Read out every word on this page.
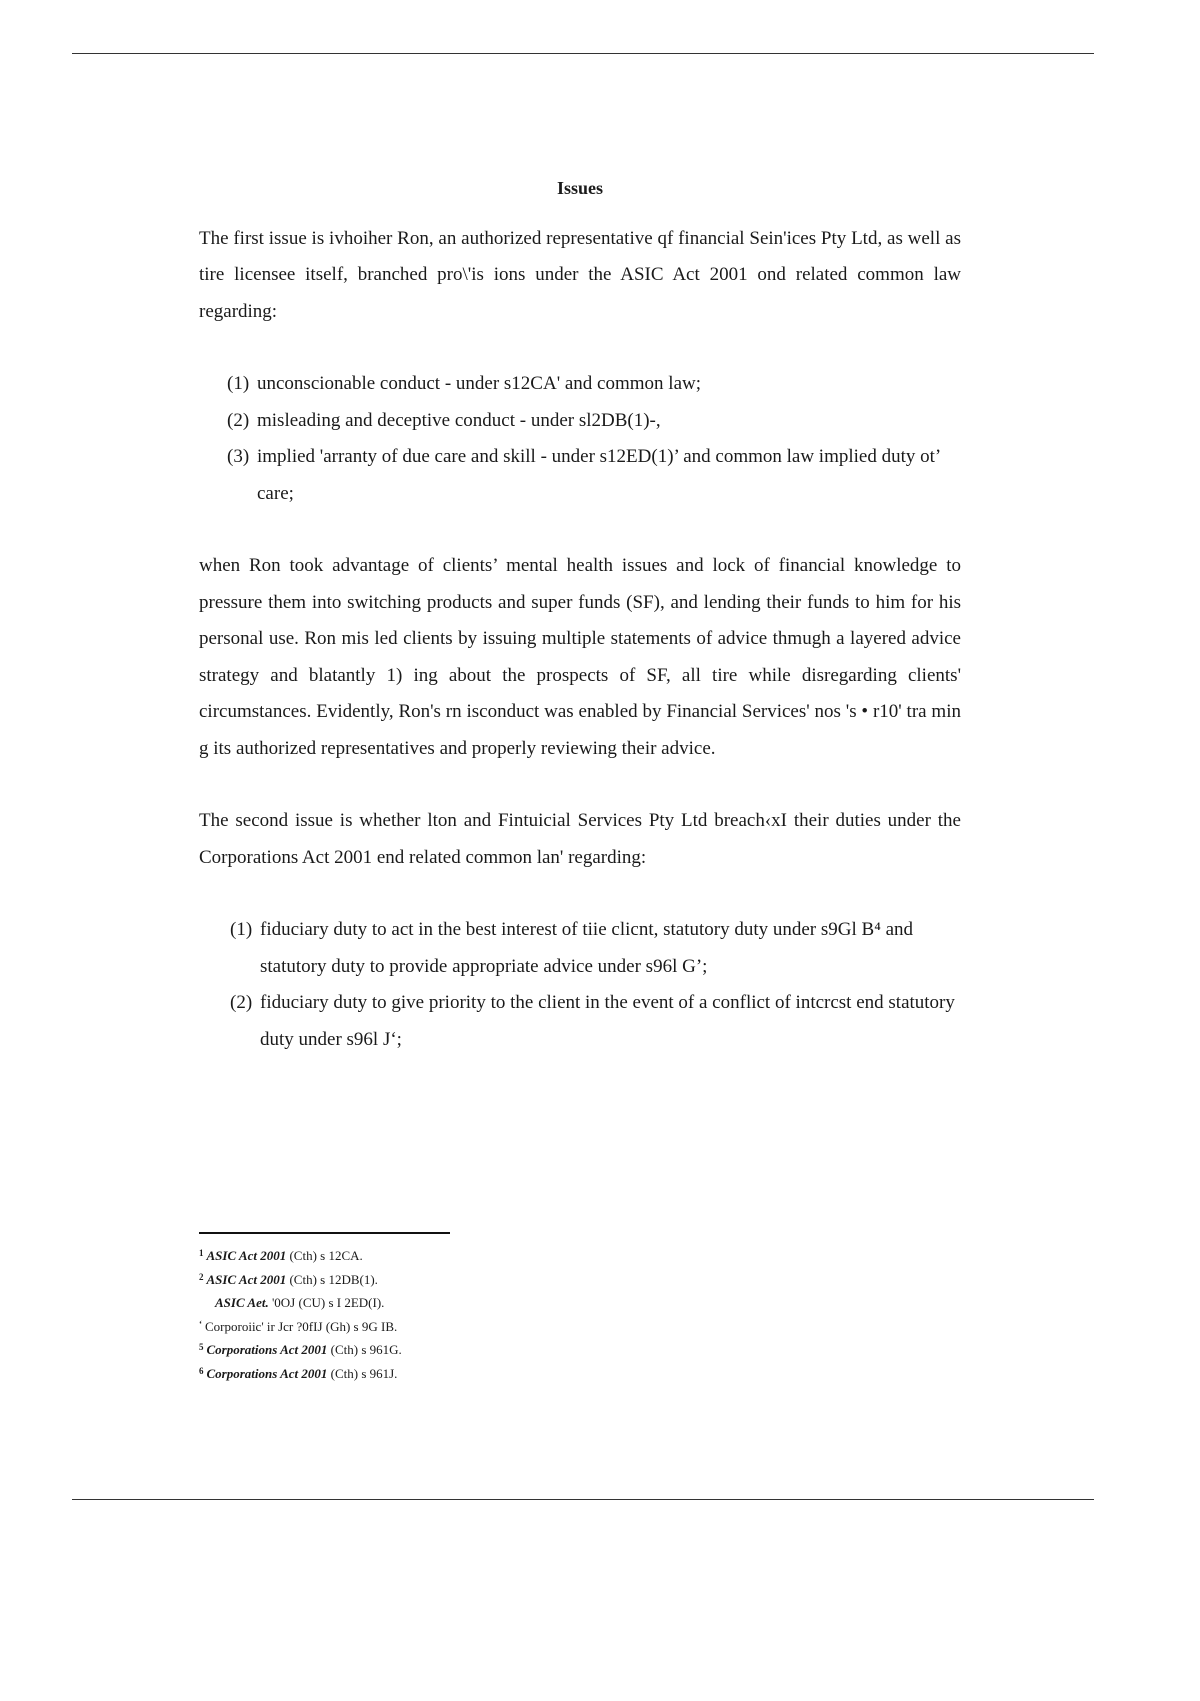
Issues

The first issue is ivhoiher Ron, an authorized representative qf financial Sein'ices Pty Ltd, as well as tire licensee itself, branched pro\'is ions under the ASIC Act 2001 ond related common law regarding:

(1) unconscionable conduct - under s12CA' and common law;
(2) misleading and deceptive conduct - under sl2DB(1)-,
(3) implied 'arranty of due care and skill - under s12ED(1)’ and common law implied duty ot’ care;

when Ron took advantage of clients’ mental health issues and lock of financial knowledge to pressure them into switching products and super funds (SF), and lending their funds to him for his personal use. Ron mis led clients by issuing multiple statements of advice thmugh a layered advice strategy and blatantly 1) ing about the prospects of SF, all tire while disregarding clients' circumstances. Evidently, Ron's rn isconduct was enabled by Financial Services' nos 's • r10' tra min g its authorized representatives and properly reviewing their advice.

The second issue is whether lton and Fintuicial Services Pty Ltd breach‹xI their duties under the Corporations Act 2001 end related common lan' regarding:

(1) fiduciary duty to act in the best interest of tiie clicnt, statutory duty under s9Gl B⁴ and statutory duty to provide appropriate advice under s96l G’;
(2) fiduciary duty to give priority to the client in the event of a conflict of intcrcst end statutory duty under s96l J‘;
$^1$ ASIC Act 2001 (Cth) s 12CA.
$^2$ ASIC Act 2001 (Cth) s 12DB(1).
ASIC Aet. '0OJ (CU) s I 2ED(I).
‘ Corporoiic' ir Jcr ?0fIJ (Gh) s 9G IB.
$^5$ Corporations Act 2001 (Cth) s 961G.
$^6$ Corporations Act 2001 (Cth) s 961J.
